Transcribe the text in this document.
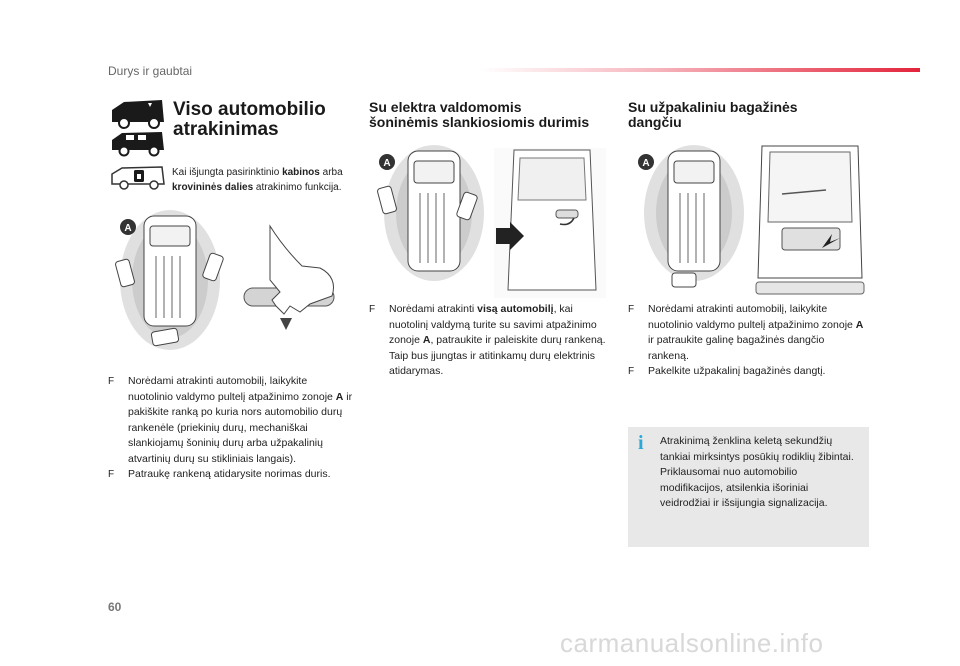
Durys ir gaubtai
Viso automobilio
atrakinimas
Kai išjungta pasirinktinio kabinos arba krovininės dalies atrakinimo funkcija.
A
F Norėdami atrakinti automobilį, laikykite nuotolinio valdymo pultelį atpažinimo zonoje A ir pakiškite ranką po kuria nors automobilio durų rankenėle (priekinių durų, mechaniškai slankiojamų šoninių durų arba užpakalinių atvartinių durų su stikliniais langais).
F Patraukę rankeną atidarysite norimas duris.
Su elektra valdomomis
šoninėmis slankiosiomis durimis
A
F Norėdami atrakinti visą automobilį, kai nuotolinį valdymą turite su savimi atpažinimo zonoje A, patraukite ir paleiskite durų rankeną. Taip bus įjungtas ir atitinkamų durų elektrinis atidarymas.
Su užpakaliniu bagažinės
dangčiu
A
F Norėdami atrakinti automobilį, laikykite nuotolinio valdymo pultelį atpažinimo zonoje A ir patraukite galinę bagažinės dangčio rankeną.
F Pakelkite užpakalinį bagažinės dangtį.
i Atrakinimą ženklina keletą sekundžių tankiai mirksintys posūkių rodiklių žibintai.
Priklausomai nuo automobilio modifikacijos, atsilenkia išoriniai veidrodžiai ir išsijungia signalizacija.
60
carmanualsonline.info
